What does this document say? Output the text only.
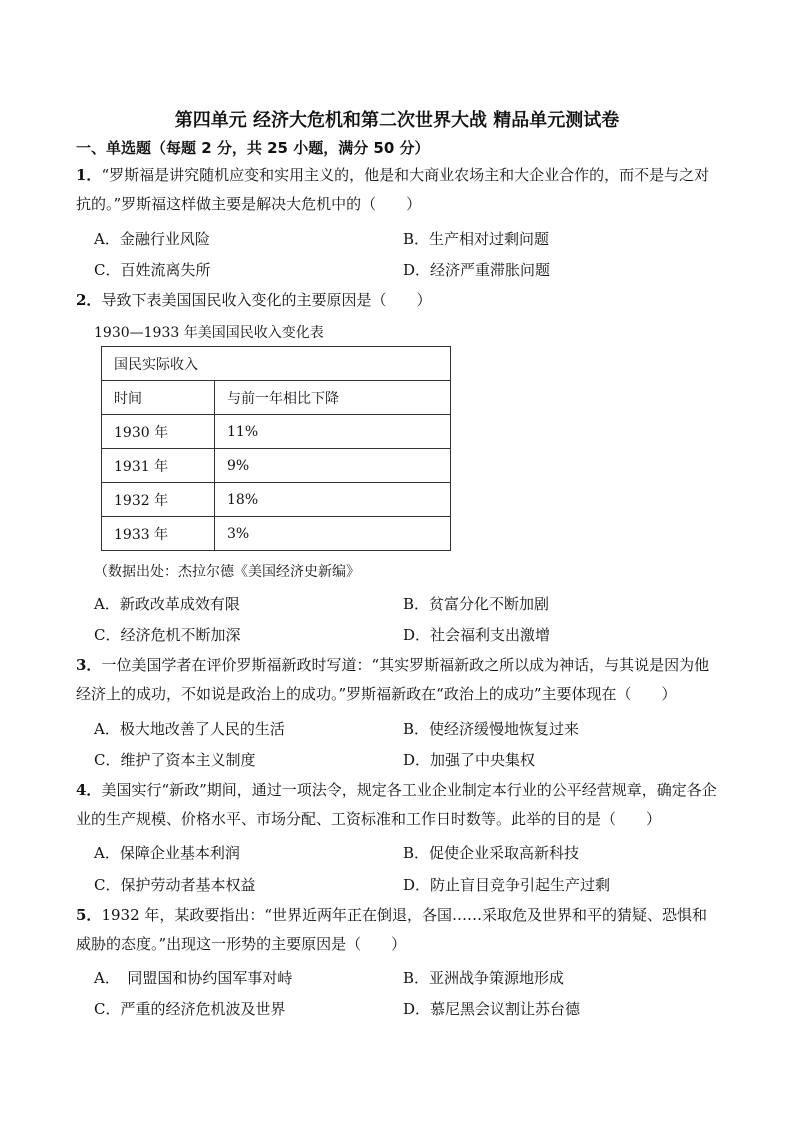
第四单元 经济大危机和第二次世界大战 精品单元测试卷
一、单选题（每题 2 分，共 25 小题，满分 50 分）
1．“罗斯福是讲究随机应变和实用主义的，他是和大商业农场主和大企业合作的，而不是与之对抗的。”罗斯福这样做主要是解决大危机中的（　　）
A．金融行业风险	B．生产相对过剩问题
C．百姓流离失所	D．经济严重滞胀问题
2．导致下表美国国民收入变化的主要原因是（　　）
1930—1933 年美国国民收入变化表
国民实际收入	
时间	与前一年相比下降
1930 年	11%
1931 年	9%
1932 年	18%
1933 年	3%
（数据出处：杰拉尔德《美国经济史新编》
A．新政改革成效有限	B．贫富分化不断加剧
C．经济危机不断加深	D．社会福利支出激增
3．一位美国学者在评价罗斯福新政时写道：“其实罗斯福新政之所以成为神话，与其说是因为他经济上的成功，不如说是政治上的成功。”罗斯福新政在“政治上的成功”主要体现在（　　）
A．极大地改善了人民的生活	B．使经济缓慢地恢复过来
C．维护了资本主义制度	D．加强了中央集权
4．美国实行“新政”期间，通过一项法令，规定各工业企业制定本行业的公平经营规章，确定各企业的生产规模、价格水平、市场分配、工资标准和工作日时数等。此举的目的是（　　）
A．保障企业基本利润	B．促使企业采取高新科技
C．保护劳动者基本权益	D．防止盲目竞争引起生产过剩
5．1932 年，某政要指出：“世界近两年正在倒退，各国……采取危及世界和平的猜疑、恐惧和威胁的态度。”出现这一形势的主要原因是（　　）
A．　同盟国和协约国军事对峙	B．亚洲战争策源地形成
C．严重的经济危机波及世界	D．慕尼黑会议割让苏台德
